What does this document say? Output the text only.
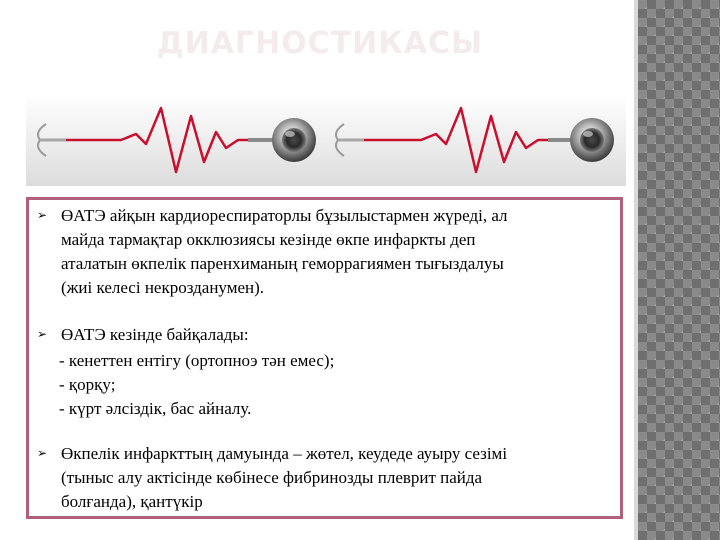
ДИАГНОСТИКАСЫ
➢ ӨАТЭ айқын кардиореспираторлы бұзылыстармен жүреді, ал
майда тармақтар окклюзиясы кезінде өкпе инфаркты деп
аталатын өкпелік паренхиманың геморрагиямен тығыздалуы
(жиі келесі некрозданумен).
➢ ӨАТЭ кезінде байқалады:
- кенеттен ентігу (ортопноэ тән емес);
- қорқу;
- күрт әлсіздік, бас айналу.
➢ Өкпелік инфаркттың дамуында – жөтел, кеудеде ауыру сезімі
(тыныс алу актісінде көбінесе фибринозды плеврит пайда
болғанда), қантүкір
